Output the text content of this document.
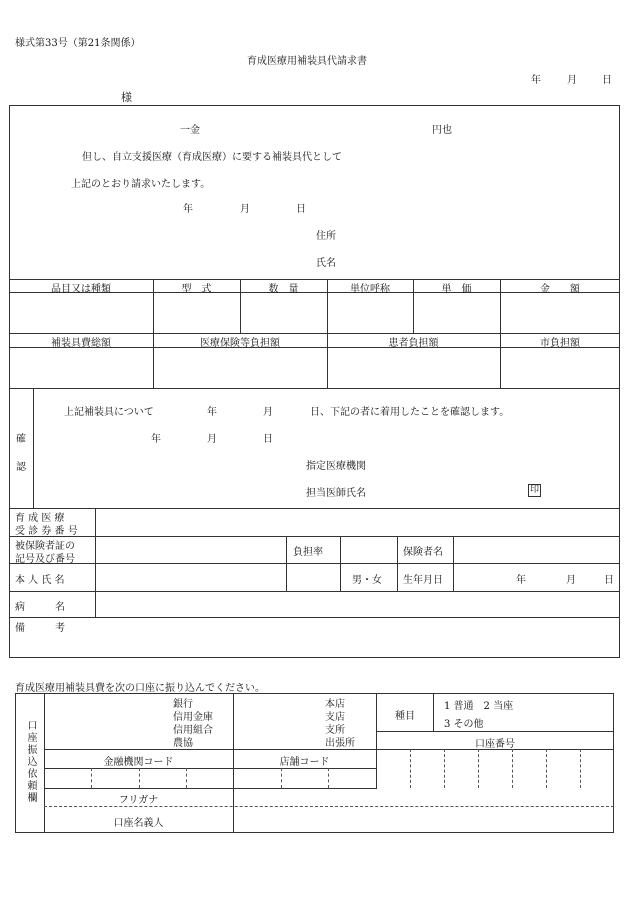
様式第33号（第21条関係）
育成医療用補装具代請求書
年	月	日
様
一金	円也
但し、自立支援医療（育成医療）に要する補装具代として
上記のとおり請求いたします。
年	月	日
住所
氏名
品目又は種類	型　式	数　量	単位呼称	単　価	金　　額
補装具費総額	医療保険等負担額	患者負担額	市負担額
確
認
上記補装具について	年	月	日、下記の者に着用したことを確認します。
年	月	日
指定医療機関
担当医師氏名	印
育 成 医 療
受 診 券 番 号
被保険者証の
記号及び番号
負担率	保険者名
本 人 氏 名	男・女 生年月日	年	月	日
病　　　名
備　　　考
育成医療用補装具費を次の口座に振り込んでください。
口座振込依頼欄
銀行
信用金庫
信用組合
農協
本店
支店
支所
出張所
種目
1 普通　2 当座
3 その他
口座番号
金融機関コード	店舗コード
フリガナ
口座名義人
